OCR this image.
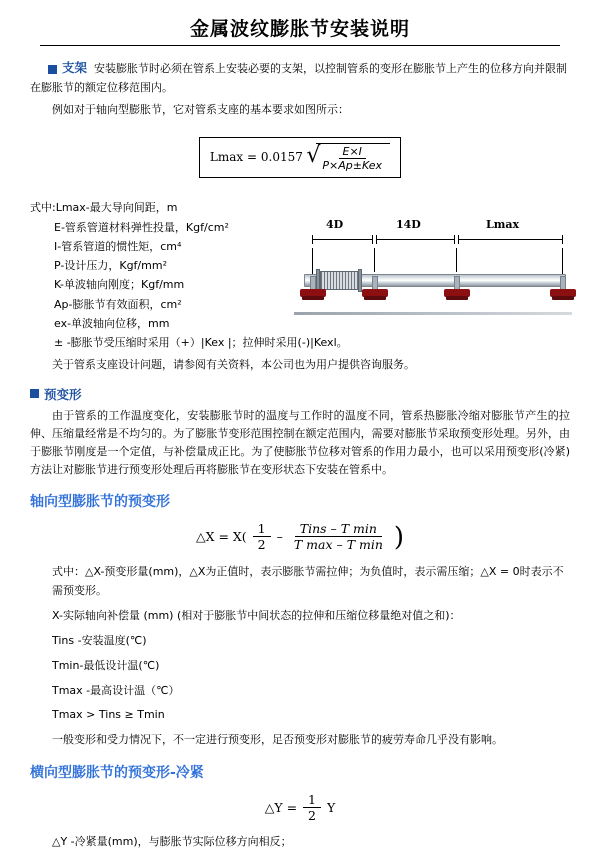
金属波纹膨胀节安装说明
支架 安装膨胀节时必须在管系上安装必要的支架，以控制管系的变形在膨胀节上产生的位移方向并限制在膨胀节的额定位移范围内。

例如对于轴向型膨胀节，它对管系支座的基本要求如图所示：

Lmax = 0.0157 √ $\frac{E\times I}{\text{P×Ap±Kex}}$

式中:Lmax-最大导向间距，m

E-管系管道材料弹性投量，Kgf/cm²

I-管系管道的惯性矩，cm⁴

P-设计压力，Kgf/mm²

K-单波轴向刚度；Kgf/mm

Ap-膨胀节有效面积，cm²

ex-单波轴向位移，mm

± -膨胀节受压缩时采用（+）|Kex |；拉伸时采用(-)|Kexl。

4D	14D	Lmax

关于管系支座设计问题，请参阅有关资料，本公司也为用户提供咨询服务。

预变形

由于管系的工作温度变化，安装膨胀节时的温度与工作时的温度不同，管系热膨胀冷缩对膨胀节产生的拉伸、压缩量经常是不均匀的。为了膨胀节变形范围控制在额定范围内，需要对膨胀节采取预变形处理。另外，由于膨胀节刚度是一个定值，与补偿量成正比。为了使膨胀节位移对管系的作用力最小，也可以采用预变形(冷紧)方法让对膨胀节进行预变形处理后再将膨胀节在变形状态下安装在管系中。

轴向型膨胀节的预变形
△X = $X( \frac{1}{2} - \frac{\text{Tins – T min}}{\text{T max – T min}}$ )

式中：△X-预变形量(mm)，△X为正值时，表示膨胀节需拉伸；为负值时，表示需压缩；△X = 0时表示不需预变形。

X-实际轴向补偿量 (mm) (相对于膨胀节中间状态的拉伸和压缩位移量绝对值之和)：

Tins -安装温度(℃)

Tmin-最低设计温(℃)

Tmax -最高设计温（℃）

Tmax > Tins ≥ Tmin

一般变形和受力情况下，不一定进行预变形，足否预变形对膨胀节的疲劳寿命几乎没有影响。

横向型膨胀节的预变形-冷紧
△Y = $\frac{1}{2}$ Y

△Y -冷紧量(mm)，与膨胀节实际位移方向相反；
